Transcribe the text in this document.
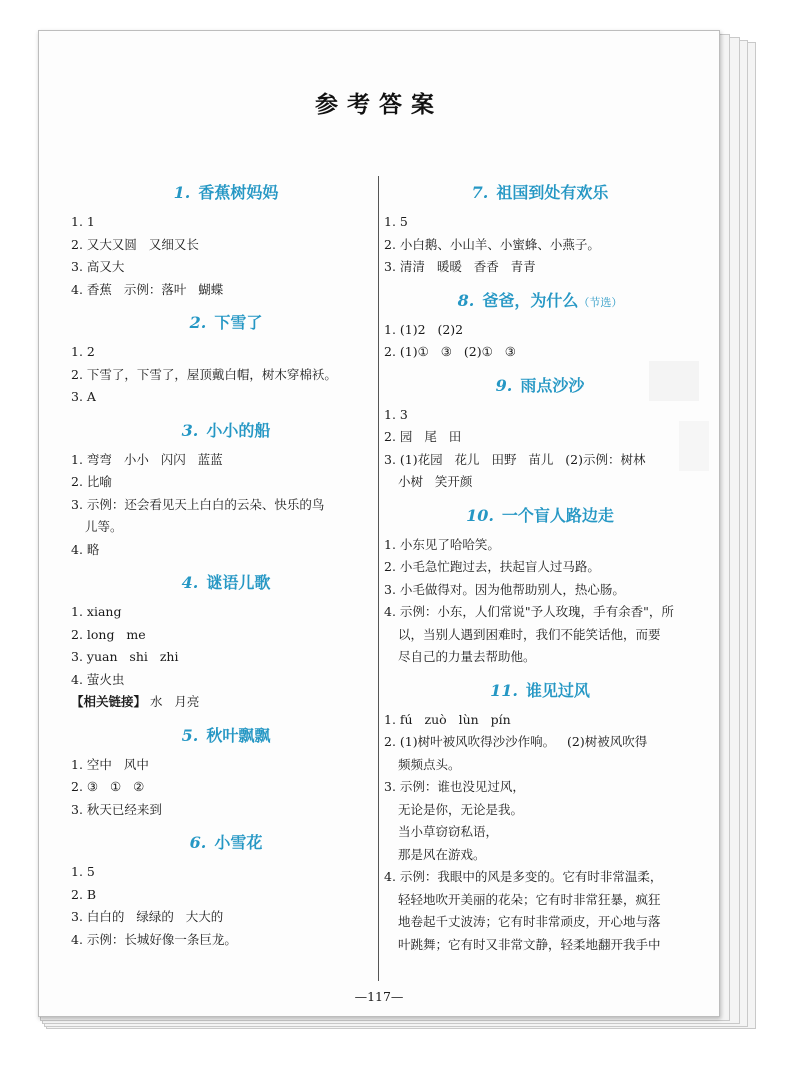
参考答案
1. 香蕉树妈妈
1. 1
2. 又大又圆   又细又长
3. 高又大
4. 香蕉   示例：落叶   蝴蝶
2. 下雪了
1. 2
2. 下雪了，下雪了，屋顶戴白帽，树木穿棉袄。
3. A
3. 小小的船
1. 弯弯   小小   闪闪   蓝蓝
2. 比喻
3. 示例：还会看见天上白白的云朵、快乐的鸟
儿等。
4. 略
4. 谜语儿歌
1. xiang
2. long   me
3. yuan   shi   zhi
4. 萤火虫
【相关链接】 水   月亮
5. 秋叶飘飘
1. 空中   风中
2. ③   ①   ②
3. 秋天已经来到
6. 小雪花
1. 5
2. B
3. 白白的   绿绿的   大大的
4. 示例：长城好像一条巨龙。
7. 祖国到处有欢乐
1. 5
2. 小白鹅、小山羊、小蜜蜂、小燕子。
3. 清清   暖暖   香香   青青
8. 爸爸，为什么（节选）
1. (1)2   (2)2
2. (1)①   ③   (2)①   ③
9. 雨点沙沙
1. 3
2. 园   尾   田
3. (1)花园   花儿   田野   苗儿   (2)示例：树林
小树   笑开颜
10. 一个盲人路边走
1. 小东见了哈哈笑。
2. 小毛急忙跑过去，扶起盲人过马路。
3. 小毛做得对。因为他帮助别人，热心肠。
4. 示例：小东，人们常说"予人玫瑰，手有余香"，所
以，当别人遇到困难时，我们不能笑话他，而要
尽自己的力量去帮助他。
11. 谁见过风
1. fú   zuò   lùn   pín
2. (1)树叶被风吹得沙沙作响。   (2)树被风吹得
频频点头。
3. 示例：谁也没见过风，
无论是你，无论是我。
当小草窃窃私语，
那是风在游戏。
4. 示例：我眼中的风是多变的。它有时非常温柔，
轻轻地吹开美丽的花朵；它有时非常狂暴，疯狂
地卷起千丈波涛；它有时非常顽皮，开心地与落
叶跳舞；它有时又非常文静，轻柔地翻开我手中
—117—
